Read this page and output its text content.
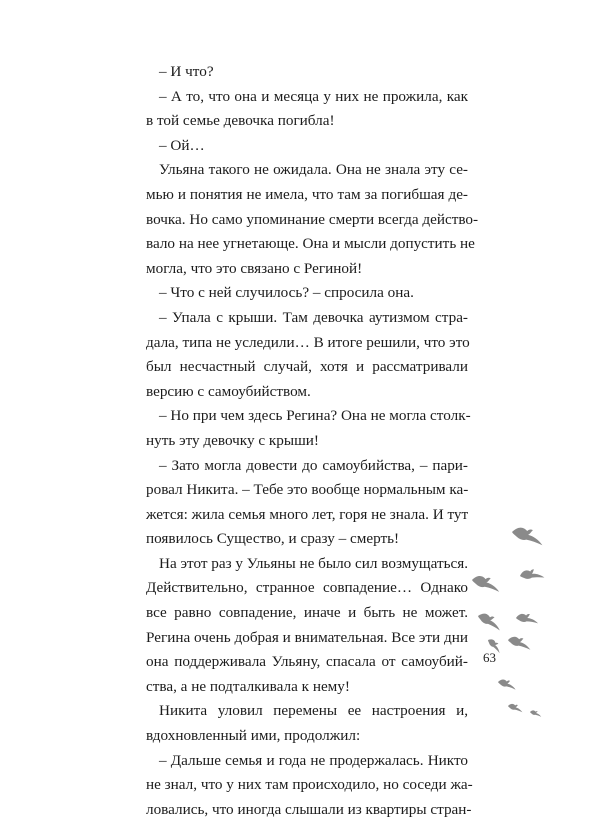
– И что?
– А то, что она и месяца у них не прожила, как
в той семье девочка погибла!
– Ой…
Ульяна такого не ожидала. Она не знала эту се-
мью и понятия не имела, что там за погибшая де-
вочка. Но само упоминание смерти всегда действо-
вало на нее угнетающе. Она и мысли допустить не
могла, что это связано с Региной!
– Что с ней случилось? – спросила она.
– Упала с крыши. Там девочка аутизмом стра-
дала, типа не уследили… В итоге решили, что это
был несчастный случай, хотя и рассматривали
версию с самоубийством.
– Но при чем здесь Регина? Она не могла столк-
нуть эту девочку с крыши!
– Зато могла довести до самоубийства, – пари-
ровал Никита. – Тебе это вообще нормальным ка-
жется: жила семья много лет, горя не знала. И тут
появилось Существо, и сразу – смерть!
На этот раз у Ульяны не было сил возмущаться.
Действительно, странное совпадение… Однако
все равно совпадение, иначе и быть не может.
Регина очень добрая и внимательная. Все эти дни
она поддерживала Ульяну, спасала от самоубий-
ства, а не подталкивала к нему!
Никита уловил перемены ее настроения и,
вдохновленный ими, продолжил:
– Дальше семья и года не продержалась. Никто
не знал, что у них там происходило, но соседи жа-
ловались, что иногда слышали из квартиры стран-
63
